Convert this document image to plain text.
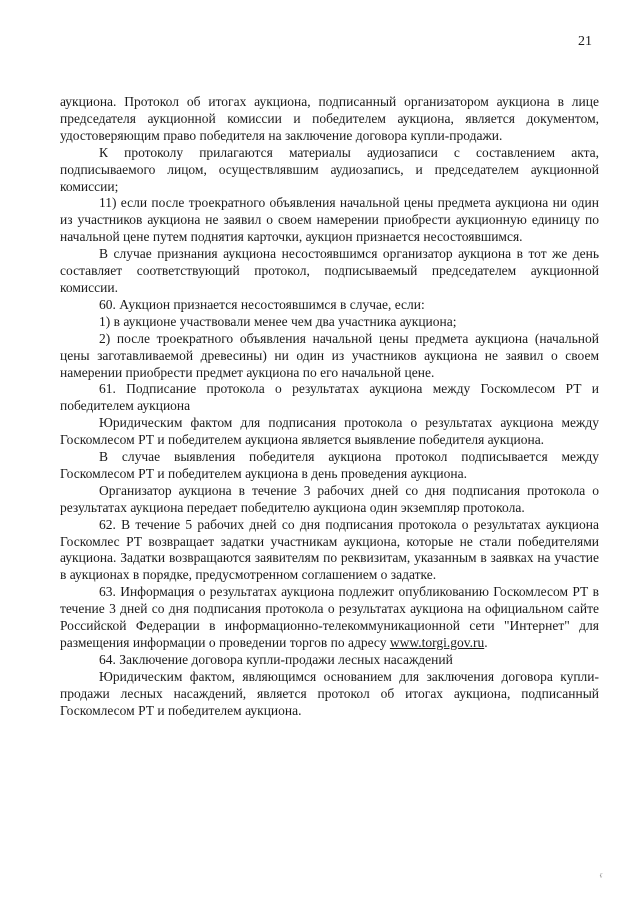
21

аукциона. Протокол об итогах аукциона, подписанный организатором аукциона в лице председателя аукционной комиссии и победителем аукциона, является документом, удостоверяющим право победителя на заключение договора купли-продажи.

К протоколу прилагаются материалы аудиозаписи с составлением акта, подписываемого лицом, осуществлявшим аудиозапись, и председателем аукционной комиссии;

11) если после троекратного объявления начальной цены предмета аукциона ни один из участников аукциона не заявил о своем намерении приобрести аукционную единицу по начальной цене путем поднятия карточки, аукцион признается несостоявшимся.

В случае признания аукциона несостоявшимся организатор аукциона в тот же день составляет соответствующий протокол, подписываемый председателем аукционной комиссии.

60. Аукцион признается несостоявшимся в случае, если:

1) в аукционе участвовали менее чем два участника аукциона;

2) после троекратного объявления начальной цены предмета аукциона (начальной цены заготавливаемой древесины) ни один из участников аукциона не заявил о своем намерении приобрести предмет аукциона по его начальной цене.

61. Подписание протокола о результатах аукциона между Госкомлесом РТ и победителем аукциона

Юридическим фактом для подписания протокола о результатах аукциона между Госкомлесом РТ и победителем аукциона является выявление победителя аукциона.

В случае выявления победителя аукциона протокол подписывается между Госкомлесом РТ и победителем аукциона в день проведения аукциона.

Организатор аукциона в течение 3 рабочих дней со дня подписания протокола о результатах аукциона передает победителю аукциона один экземпляр протокола.

62. В течение 5 рабочих дней со дня подписания протокола о результатах аукциона Госкомлес РТ возвращает задатки участникам аукциона, которые не стали победителями аукциона. Задатки возвращаются заявителям по реквизитам, указанным в заявках на участие в аукционах в порядке, предусмотренном соглашением о задатке.

63. Информация о результатах аукциона подлежит опубликованию Госкомлесом РТ в течение 3 дней со дня подписания протокола о результатах аукциона на официальном сайте Российской Федерации в информационно-телекоммуникационной сети "Интернет" для размещения информации о проведении торгов по адресу www.torgi.gov.ru.

64. Заключение договора купли-продажи лесных насаждений

Юридическим фактом, являющимся основанием для заключения договора купли-продажи лесных насаждений, является протокол об итогах аукциона, подписанный Госкомлесом РТ и победителем аукциона.

ᶦ͘ᶠ
